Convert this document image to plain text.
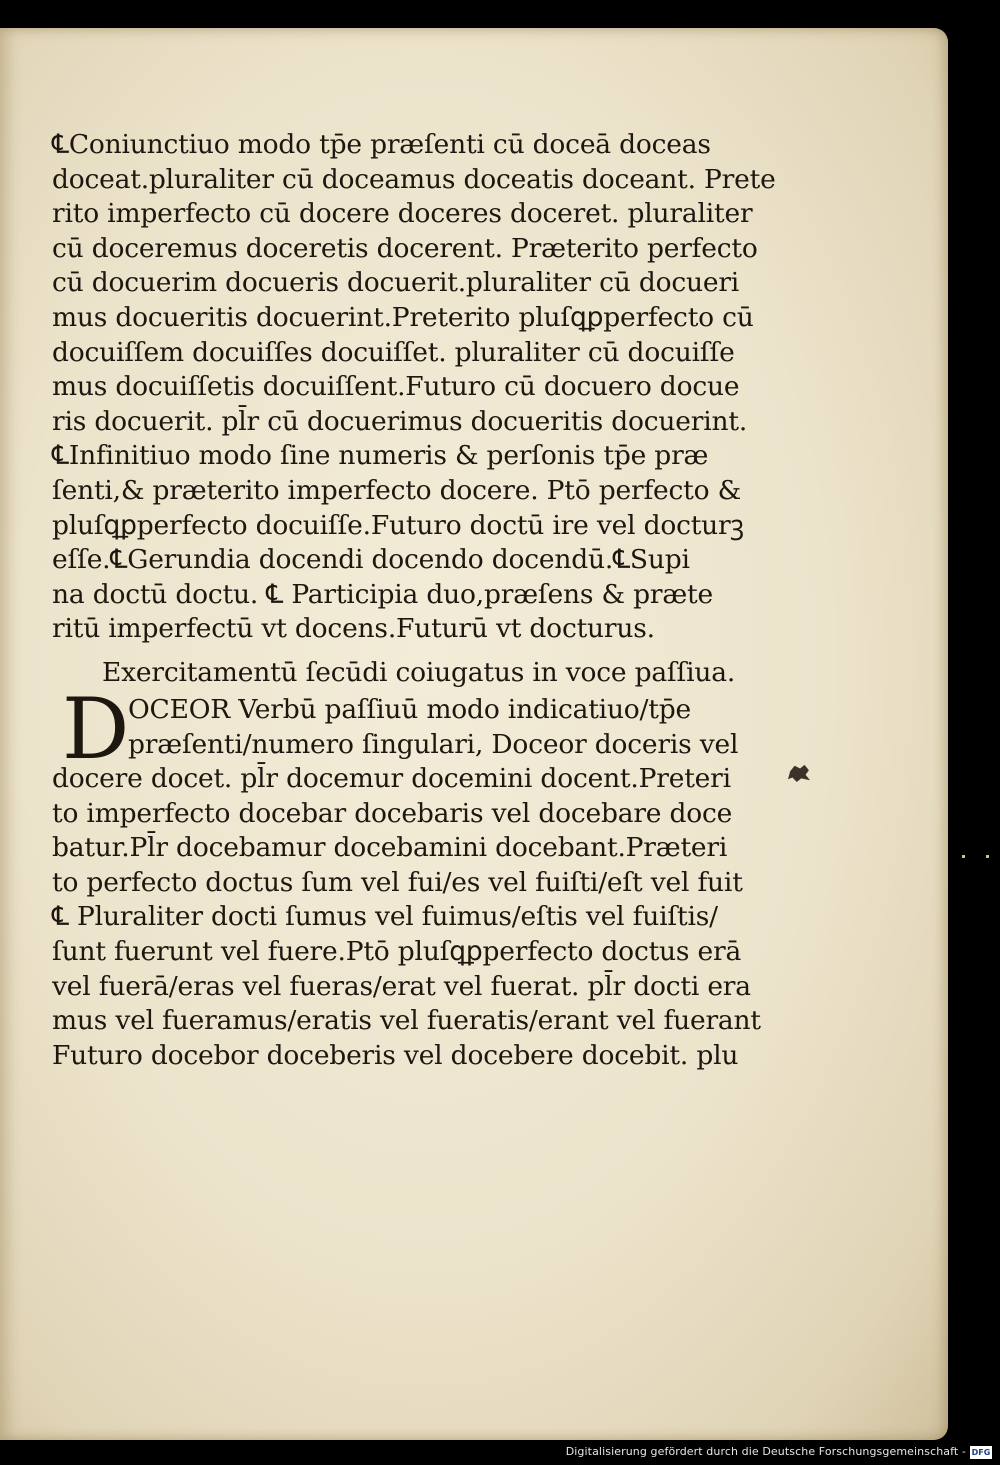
℄Coniunctiuo modo tp̄e præſenti cū doceā doceas
doceat.pluraliter cū doceamus doceatis doceant. Prete
rito imperfecto cū docere doceres doceret. pluraliter
cū doceremus doceretis docerent. Præterito perfecto
cū docuerim docueris docuerit.pluraliter cū docueri
mus docueritis docuerint.Preterito pluſꝗꝑperfecto cū
docuiſſem docuiſſes docuiſſet. pluraliter cū docuiſſe
mus docuiſſetis docuiſſent.Futuro cū docuero docue
ris docuerit. pl̄r cū docuerimus docueritis docuerint.
℄Infinitiuo modo ſine numeris & perſonis tp̄e præ
ſenti,& præterito imperfecto docere. Ptō perfecto &
pluſꝗꝑperfecto docuiſſe.Futuro doctū ire vel docturꝫ
eſſe.℄Gerundia docendi docendo docendū.℄Supi
na doctū doctu. ℄ Participia duo,præſens & præte
ritū imperfectū vt docens.Futurū vt docturus.
Exercitamentū ſecūdi coiugatus in voce paſſiua.
D
OCEOR Verbū paſſiuū modo indicatiuo/tp̄e
præſenti/numero ſingulari, Doceor doceris vel
docere docet. pl̄r docemur docemini docent.Preteri
to imperfecto docebar docebaris vel docebare doce
batur.Pl̄r docebamur docebamini docebant.Præteri
to perfecto doctus ſum vel fui/es vel fuiſti/eſt vel fuit
℄ Pluraliter docti ſumus vel fuimus/eſtis vel fuiſtis/
ſunt fuerunt vel fuere.Ptō pluſꝗꝑperfecto doctus erā
vel fuerā/eras vel fueras/erat vel fuerat. pl̄r docti era
mus vel fueramus/eratis vel fueratis/erant vel fuerant
Futuro docebor doceberis vel docebere docebit. plu
Digitalisierung gefördert durch die Deutsche Forschungsgemeinschaft - DFG
